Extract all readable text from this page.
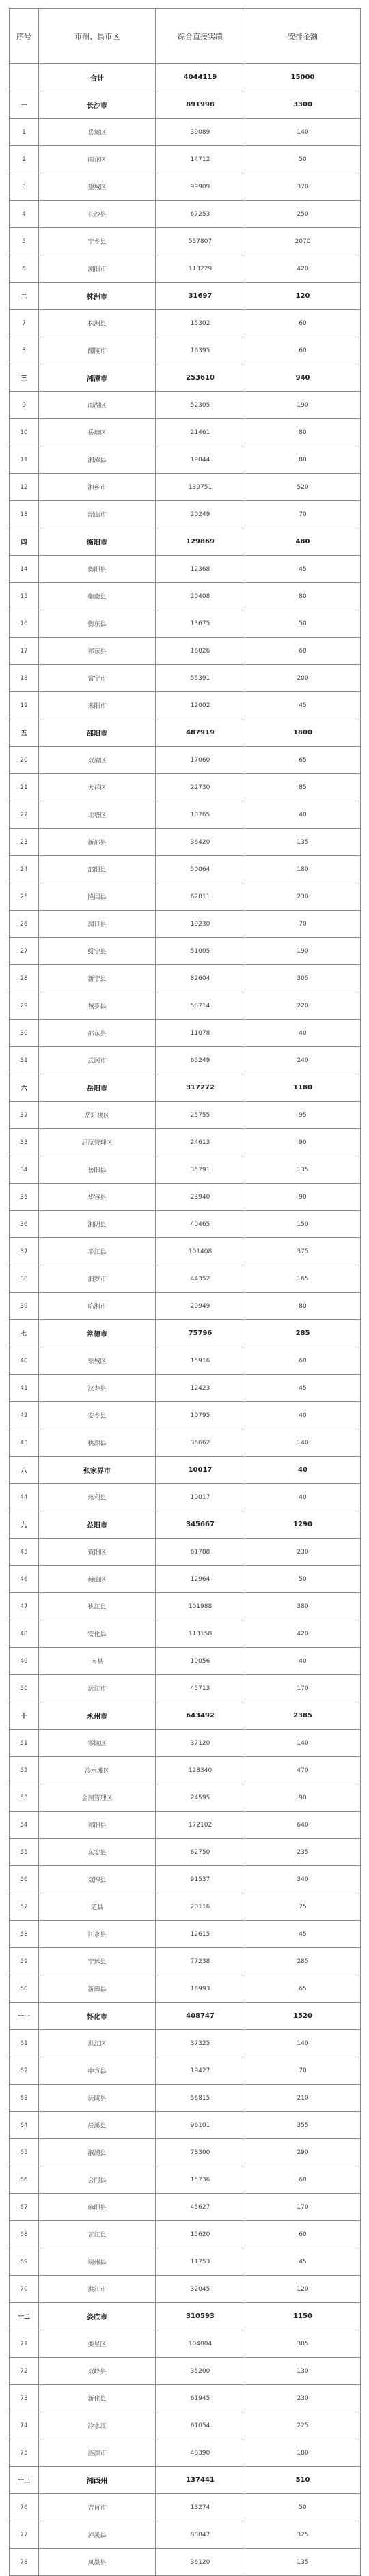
序号	市州、县市区	综合直接实绩	安排金额
	合计	4044119	15000
一	长沙市	891998	3300
1	岳麓区	39089	140
2	雨花区	14712	50
3	望城区	99909	370
4	长沙县	67253	250
5	宁乡县	557807	2070
6	浏阳市	113229	420
二	株洲市	31697	120
7	株洲县	15302	60
8	醴陵市	16395	60
三	湘潭市	253610	940
9	雨湖区	52305	190
10	岳塘区	21461	80
11	湘潭县	19844	80
12	湘乡市	139751	520
13	韶山市	20249	70
四	衡阳市	129869	480
14	衡阳县	12368	45
15	衡南县	20408	80
16	衡东县	13675	50
17	祁东县	16026	60
18	常宁市	55391	200
19	耒阳市	12002	45
五	邵阳市	487919	1800
20	双清区	17060	65
21	大祥区	22730	85
22	北塔区	10765	40
23	新邵县	36420	135
24	邵阳县	50064	180
25	隆回县	62811	230
26	洞口县	19230	70
27	绥宁县	51005	190
28	新宁县	82604	305
29	城步县	58714	220
30	邵东县	11078	40
31	武冈市	65249	240
六	岳阳市	317272	1180
32	岳阳楼区	25755	95
33	屈原管理区	24613	90
34	岳阳县	35791	135
35	华容县	23940	90
36	湘阴县	40465	150
37	平江县	101408	375
38	汨罗市	44352	165
39	临湘市	20949	80
七	常德市	75796	285
40	鼎城区	15916	60
41	汉寿县	12423	45
42	安乡县	10795	40
43	桃源县	36662	140
八	张家界市	10017	40
44	慈利县	10017	40
九	益阳市	345667	1290
45	资阳区	61788	230
46	赫山区	12964	50
47	桃江县	101988	380
48	安化县	113158	420
49	南县	10056	40
50	沅江市	45713	170
十	永州市	643492	2385
51	零陵区	37120	140
52	冷水滩区	128340	470
53	金洞管理区	24595	90
54	祁阳县	172102	640
55	东安县	62750	235
56	双牌县	91537	340
57	道县	20116	75
58	江永县	12615	45
59	宁远县	77238	285
60	新田县	16993	65
十一	怀化市	408747	1520
61	洪江区	37325	140
62	中方县	19427	70
63	沅陵县	56815	210
64	辰溪县	96101	355
65	溆浦县	78300	290
66	会同县	15736	60
67	麻阳县	45627	170
68	芷江县	15620	60
69	靖州县	11753	45
70	洪江市	32045	120
十二	娄底市	310593	1150
71	娄星区	104004	385
72	双峰县	35200	130
73	新化县	61945	230
74	冷水江	61054	225
75	涟源市	48390	180
十三	湘西州	137441	510
76	吉首市	13274	50
77	泸溪县	88047	325
78	凤凰县	36120	135
